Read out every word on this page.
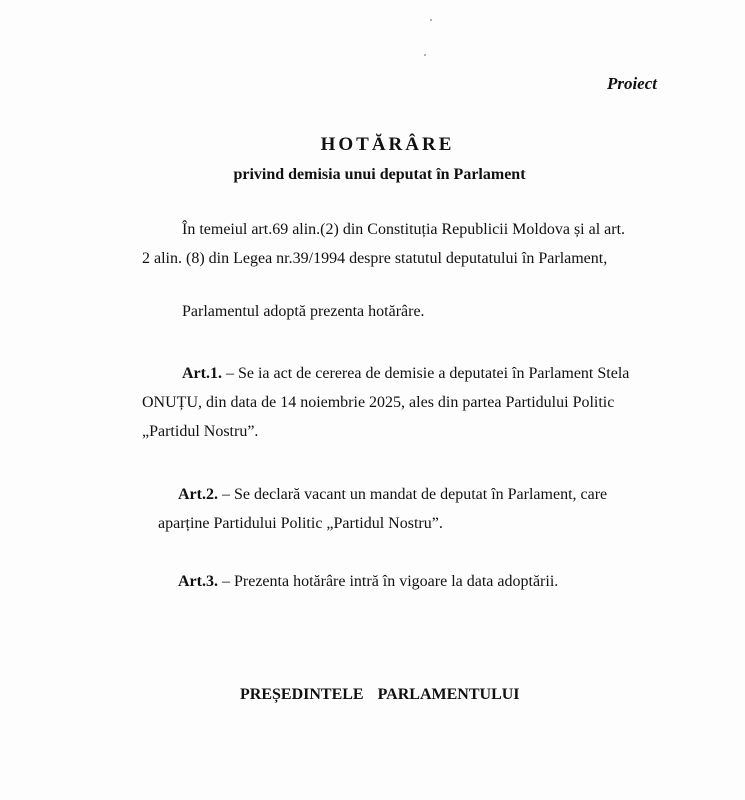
Proiect
HOTĂRÂRE
privind demisia unui deputat în Parlament
În temeiul art.69 alin.(2) din Constituția Republicii Moldova și al art.
2 alin. (8) din Legea nr.39/1994 despre statutul deputatului în Parlament,
Parlamentul adoptă prezenta hotărâre.
Art.1. – Se ia act de cererea de demisie a deputatei în Parlament Stela
ONUȚU, din data de 14 noiembrie 2025, ales din partea Partidului Politic
„Partidul Nostru”.
Art.2. – Se declară vacant un mandat de deputat în Parlament, care
aparține Partidului Politic „Partidul Nostru”.
Art.3. – Prezenta hotărâre intră în vigoare la data adoptării.
PREȘEDINTELE PARLAMENTULUI
